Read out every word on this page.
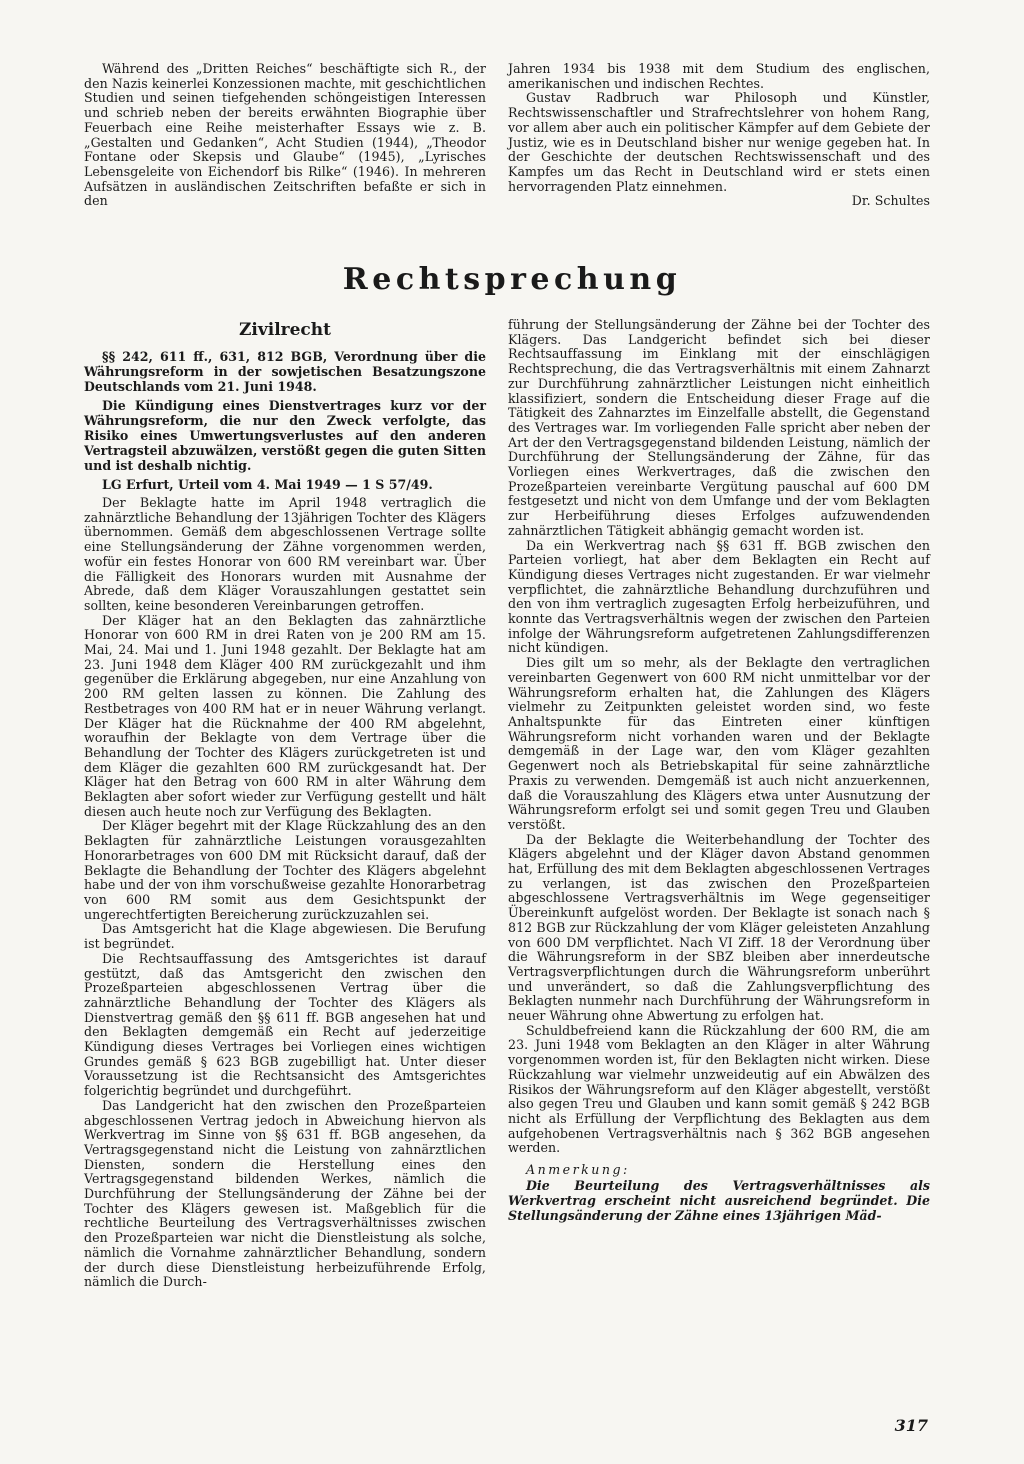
Während des „Dritten Reiches“ beschäftigte sich R., der den Nazis keinerlei Konzessionen machte, mit geschichtlichen Studien und seinen tiefgehenden schöngeistigen Interessen und schrieb neben der bereits erwähnten Biographie über Feuerbach eine Reihe meisterhafter Essays wie z. B. „Gestalten und Gedanken“, Acht Studien (1944), „Theodor Fontane oder Skepsis und Glaube“ (1945), „Lyrisches Lebensgeleite von Eichendorf bis Rilke“ (1946). In mehreren Aufsätzen in ausländischen Zeitschriften befaßte er sich in den

Jahren 1934 bis 1938 mit dem Studium des englischen, amerikanischen und indischen Rechtes.

Gustav Radbruch war Philosoph und Künstler, Rechtswissenschaftler und Strafrechtslehrer von hohem Rang, vor allem aber auch ein politischer Kämpfer auf dem Gebiete der Justiz, wie es in Deutschland bisher nur wenige gegeben hat. In der Geschichte der deutschen Rechtswissenschaft und des Kampfes um das Recht in Deutschland wird er stets einen hervorragenden Platz einnehmen.

Dr. Schultes

Rechtsprechung
Zivilrecht

§§ 242, 611 ff., 631, 812 BGB, Verordnung über die Währungsreform in der sowjetischen Besatzungszone Deutschlands vom 21. Juni 1948.

Die Kündigung eines Dienstvertrages kurz vor der Währungsreform, die nur den Zweck verfolgte, das Risiko eines Umwertungsverlustes auf den anderen Vertragsteil abzuwälzen, verstößt gegen die guten Sitten und ist deshalb nichtig.

LG Erfurt, Urteil vom 4. Mai 1949 — 1 S 57/49.

Der Beklagte hatte im April 1948 vertraglich die zahnärztliche Behandlung der 13jährigen Tochter des Klägers übernommen. Gemäß dem abgeschlossenen Vertrage sollte eine Stellungsänderung der Zähne vorgenommen werden, wofür ein festes Honorar von 600 RM vereinbart war. Über die Fälligkeit des Honorars wurden mit Ausnahme der Abrede, daß dem Kläger Vorauszahlungen gestattet sein sollten, keine besonderen Vereinbarungen getroffen.

Der Kläger hat an den Beklagten das zahnärztliche Honorar von 600 RM in drei Raten von je 200 RM am 15. Mai, 24. Mai und 1. Juni 1948 gezahlt. Der Beklagte hat am 23. Juni 1948 dem Kläger 400 RM zurückgezahlt und ihm gegenüber die Erklärung abgegeben, nur eine Anzahlung von 200 RM gelten lassen zu können. Die Zahlung des Restbetrages von 400 RM hat er in neuer Währung verlangt. Der Kläger hat die Rücknahme der 400 RM abgelehnt, woraufhin der Beklagte von dem Vertrage über die Behandlung der Tochter des Klägers zurückgetreten ist und dem Kläger die gezahlten 600 RM zurückgesandt hat. Der Kläger hat den Betrag von 600 RM in alter Währung dem Beklagten aber sofort wieder zur Verfügung gestellt und hält diesen auch heute noch zur Verfügung des Beklagten.

Der Kläger begehrt mit der Klage Rückzahlung des an den Beklagten für zahnärztliche Leistungen vorausgezahlten Honorarbetrages von 600 DM mit Rücksicht darauf, daß der Beklagte die Behandlung der Tochter des Klägers abgelehnt habe und der von ihm vorschußweise gezahlte Honorarbetrag von 600 RM somit aus dem Gesichtspunkt der ungerechtfertigten Bereicherung zurückzuzahlen sei.

Das Amtsgericht hat die Klage abgewiesen. Die Berufung ist begründet.

Die Rechtsauffassung des Amtsgerichtes ist darauf gestützt, daß das Amtsgericht den zwischen den Prozeßparteien abgeschlossenen Vertrag über die zahnärztliche Behandlung der Tochter des Klägers als Dienstvertrag gemäß den §§ 611 ff. BGB angesehen hat und den Beklagten demgemäß ein Recht auf jederzeitige Kündigung dieses Vertrages bei Vorliegen eines wichtigen Grundes gemäß § 623 BGB zugebilligt hat. Unter dieser Voraussetzung ist die Rechtsansicht des Amtsgerichtes folgerichtig begründet und durchgeführt.

Das Landgericht hat den zwischen den Prozeßparteien abgeschlossenen Vertrag jedoch in Abweichung hiervon als Werkvertrag im Sinne von §§ 631 ff. BGB angesehen, da Vertragsgegenstand nicht die Leistung von zahnärztlichen Diensten, sondern die Herstellung eines den Vertragsgegenstand bildenden Werkes, nämlich die Durchführung der Stellungsänderung der Zähne bei der Tochter des Klägers gewesen ist. Maßgeblich für die rechtliche Beurteilung des Vertragsverhältnisses zwischen den Prozeßparteien war nicht die Dienstleistung als solche, nämlich die Vornahme zahnärztlicher Behandlung, sondern der durch diese Dienstleistung herbeizuführende Erfolg, nämlich die Durch-

führung der Stellungsänderung der Zähne bei der Tochter des Klägers. Das Landgericht befindet sich bei dieser Rechtsauffassung im Einklang mit der einschlägigen Rechtsprechung, die das Vertragsverhältnis mit einem Zahnarzt zur Durchführung zahnärztlicher Leistungen nicht einheitlich klassifiziert, sondern die Entscheidung dieser Frage auf die Tätigkeit des Zahnarztes im Einzelfalle abstellt, die Gegenstand des Vertrages war. Im vorliegenden Falle spricht aber neben der Art der den Vertragsgegenstand bildenden Leistung, nämlich der Durchführung der Stellungsänderung der Zähne, für das Vorliegen eines Werkvertrages, daß die zwischen den Prozeßparteien vereinbarte Vergütung pauschal auf 600 DM festgesetzt und nicht von dem Umfange und der vom Beklagten zur Herbeiführung dieses Erfolges aufzuwendenden zahnärztlichen Tätigkeit abhängig gemacht worden ist.

Da ein Werkvertrag nach §§ 631 ff. BGB zwischen den Parteien vorliegt, hat aber dem Beklagten ein Recht auf Kündigung dieses Vertrages nicht zugestanden. Er war vielmehr verpflichtet, die zahnärztliche Behandlung durchzuführen und den von ihm vertraglich zugesagten Erfolg herbeizuführen, und konnte das Vertragsverhältnis wegen der zwischen den Parteien infolge der Währungsreform aufgetretenen Zahlungsdifferenzen nicht kündigen.

Dies gilt um so mehr, als der Beklagte den vertraglichen vereinbarten Gegenwert von 600 RM nicht unmittelbar vor der Währungsreform erhalten hat, die Zahlungen des Klägers vielmehr zu Zeitpunkten geleistet worden sind, wo feste Anhaltspunkte für das Eintreten einer künftigen Währungsreform nicht vorhanden waren und der Beklagte demgemäß in der Lage war, den vom Kläger gezahlten Gegenwert noch als Betriebskapital für seine zahnärztliche Praxis zu verwenden. Demgemäß ist auch nicht anzuerkennen, daß die Vorauszahlung des Klägers etwa unter Ausnutzung der Währungsreform erfolgt sei und somit gegen Treu und Glauben verstößt.

Da der Beklagte die Weiterbehandlung der Tochter des Klägers abgelehnt und der Kläger davon Abstand genommen hat, Erfüllung des mit dem Beklagten abgeschlossenen Vertrages zu verlangen, ist das zwischen den Prozeßparteien abgeschlossene Vertragsverhältnis im Wege gegenseitiger Übereinkunft aufgelöst worden. Der Beklagte ist sonach nach § 812 BGB zur Rückzahlung der vom Kläger geleisteten Anzahlung von 600 DM verpflichtet. Nach VI Ziff. 18 der Verordnung über die Währungsreform in der SBZ bleiben aber innerdeutsche Vertragsverpflichtungen durch die Währungsreform unberührt und unverändert, so daß die Zahlungsverpflichtung des Beklagten nunmehr nach Durchführung der Währungsreform in neuer Währung ohne Abwertung zu erfolgen hat.

Schuldbefreiend kann die Rückzahlung der 600 RM, die am 23. Juni 1948 vom Beklagten an den Kläger in alter Währung vorgenommen worden ist, für den Beklagten nicht wirken. Diese Rückzahlung war vielmehr unzweideutig auf ein Abwälzen des Risikos der Währungsreform auf den Kläger abgestellt, verstößt also gegen Treu und Glauben und kann somit gemäß § 242 BGB nicht als Erfüllung der Verpflichtung des Beklagten aus dem aufgehobenen Vertragsverhältnis nach § 362 BGB angesehen werden.

Anmerkung:

Die Beurteilung des Vertragsverhältnisses als Werkvertrag erscheint nicht ausreichend begründet. Die Stellungsänderung der Zähne eines 13jährigen Mäd-

317
